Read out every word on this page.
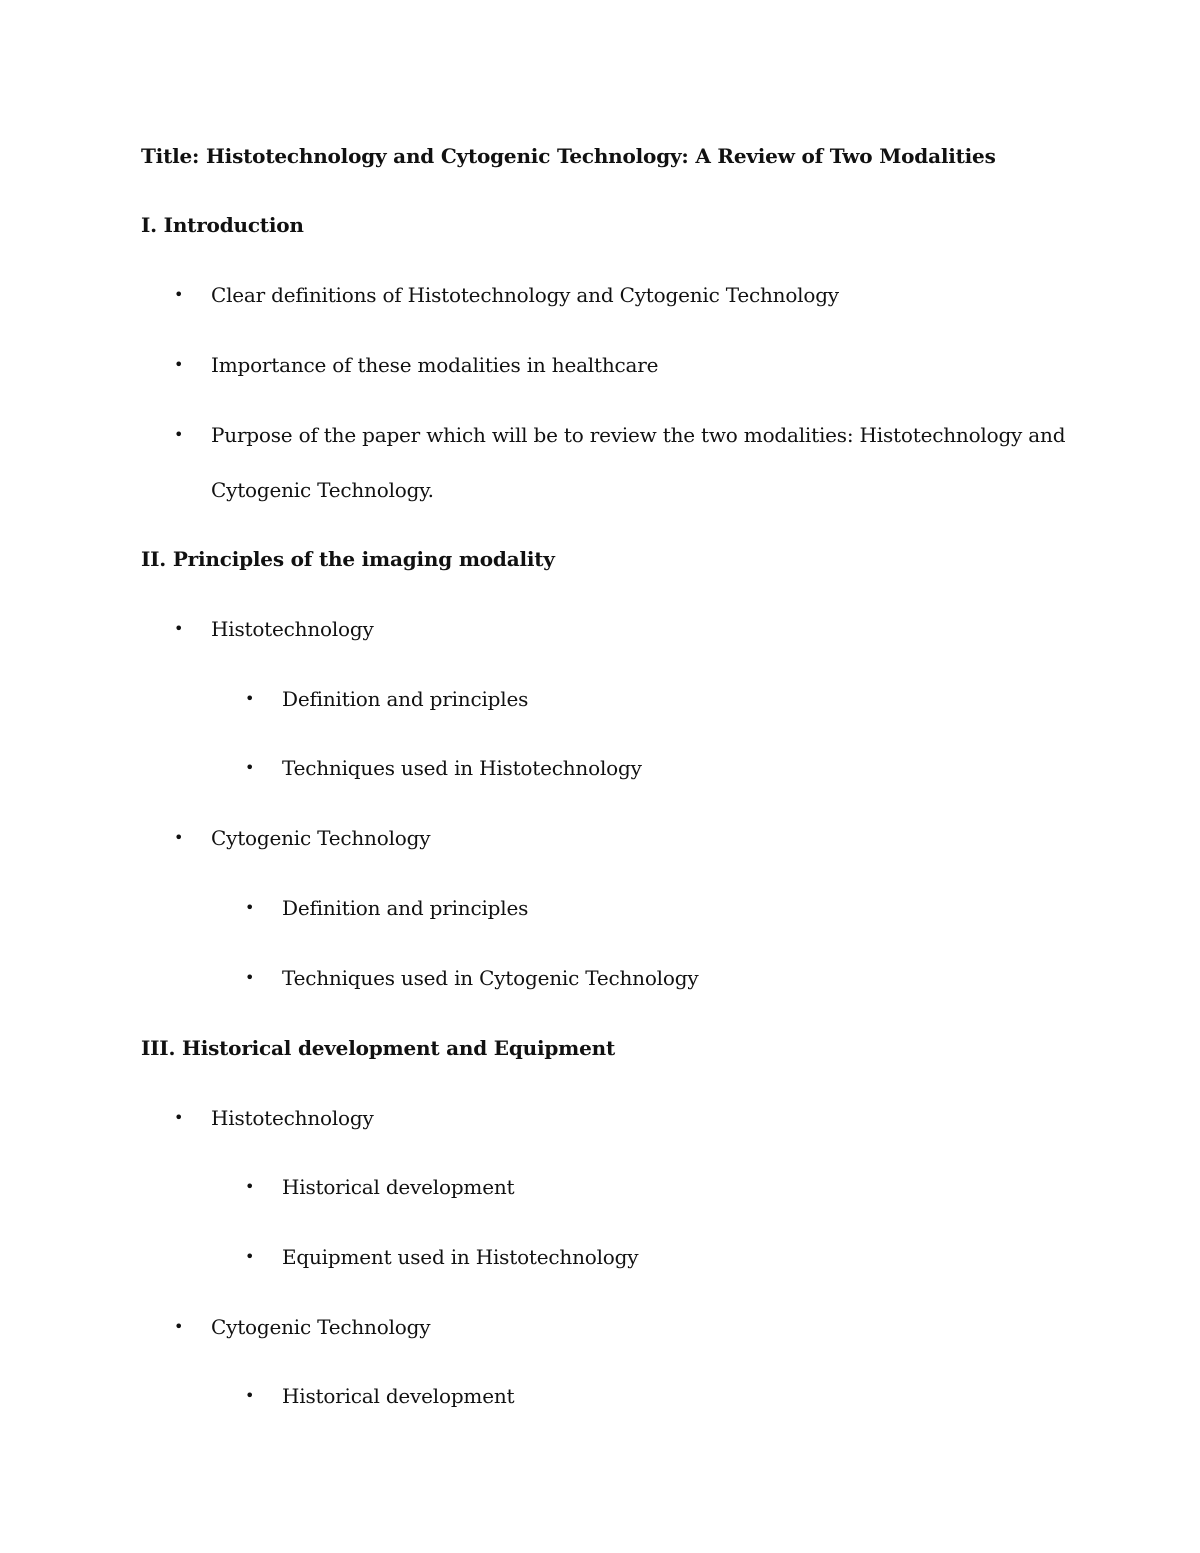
Title: Histotechnology and Cytogenic Technology: A Review of Two Modalities
I. Introduction
• Clear definitions of Histotechnology and Cytogenic Technology
• Importance of these modalities in healthcare
• Purpose of the paper which will be to review the two modalities: Histotechnology and
Cytogenic Technology.
II. Principles of the imaging modality
• Histotechnology
• Definition and principles
• Techniques used in Histotechnology
• Cytogenic Technology
• Definition and principles
• Techniques used in Cytogenic Technology
III. Historical development and Equipment
• Histotechnology
• Historical development
• Equipment used in Histotechnology
• Cytogenic Technology
• Historical development
